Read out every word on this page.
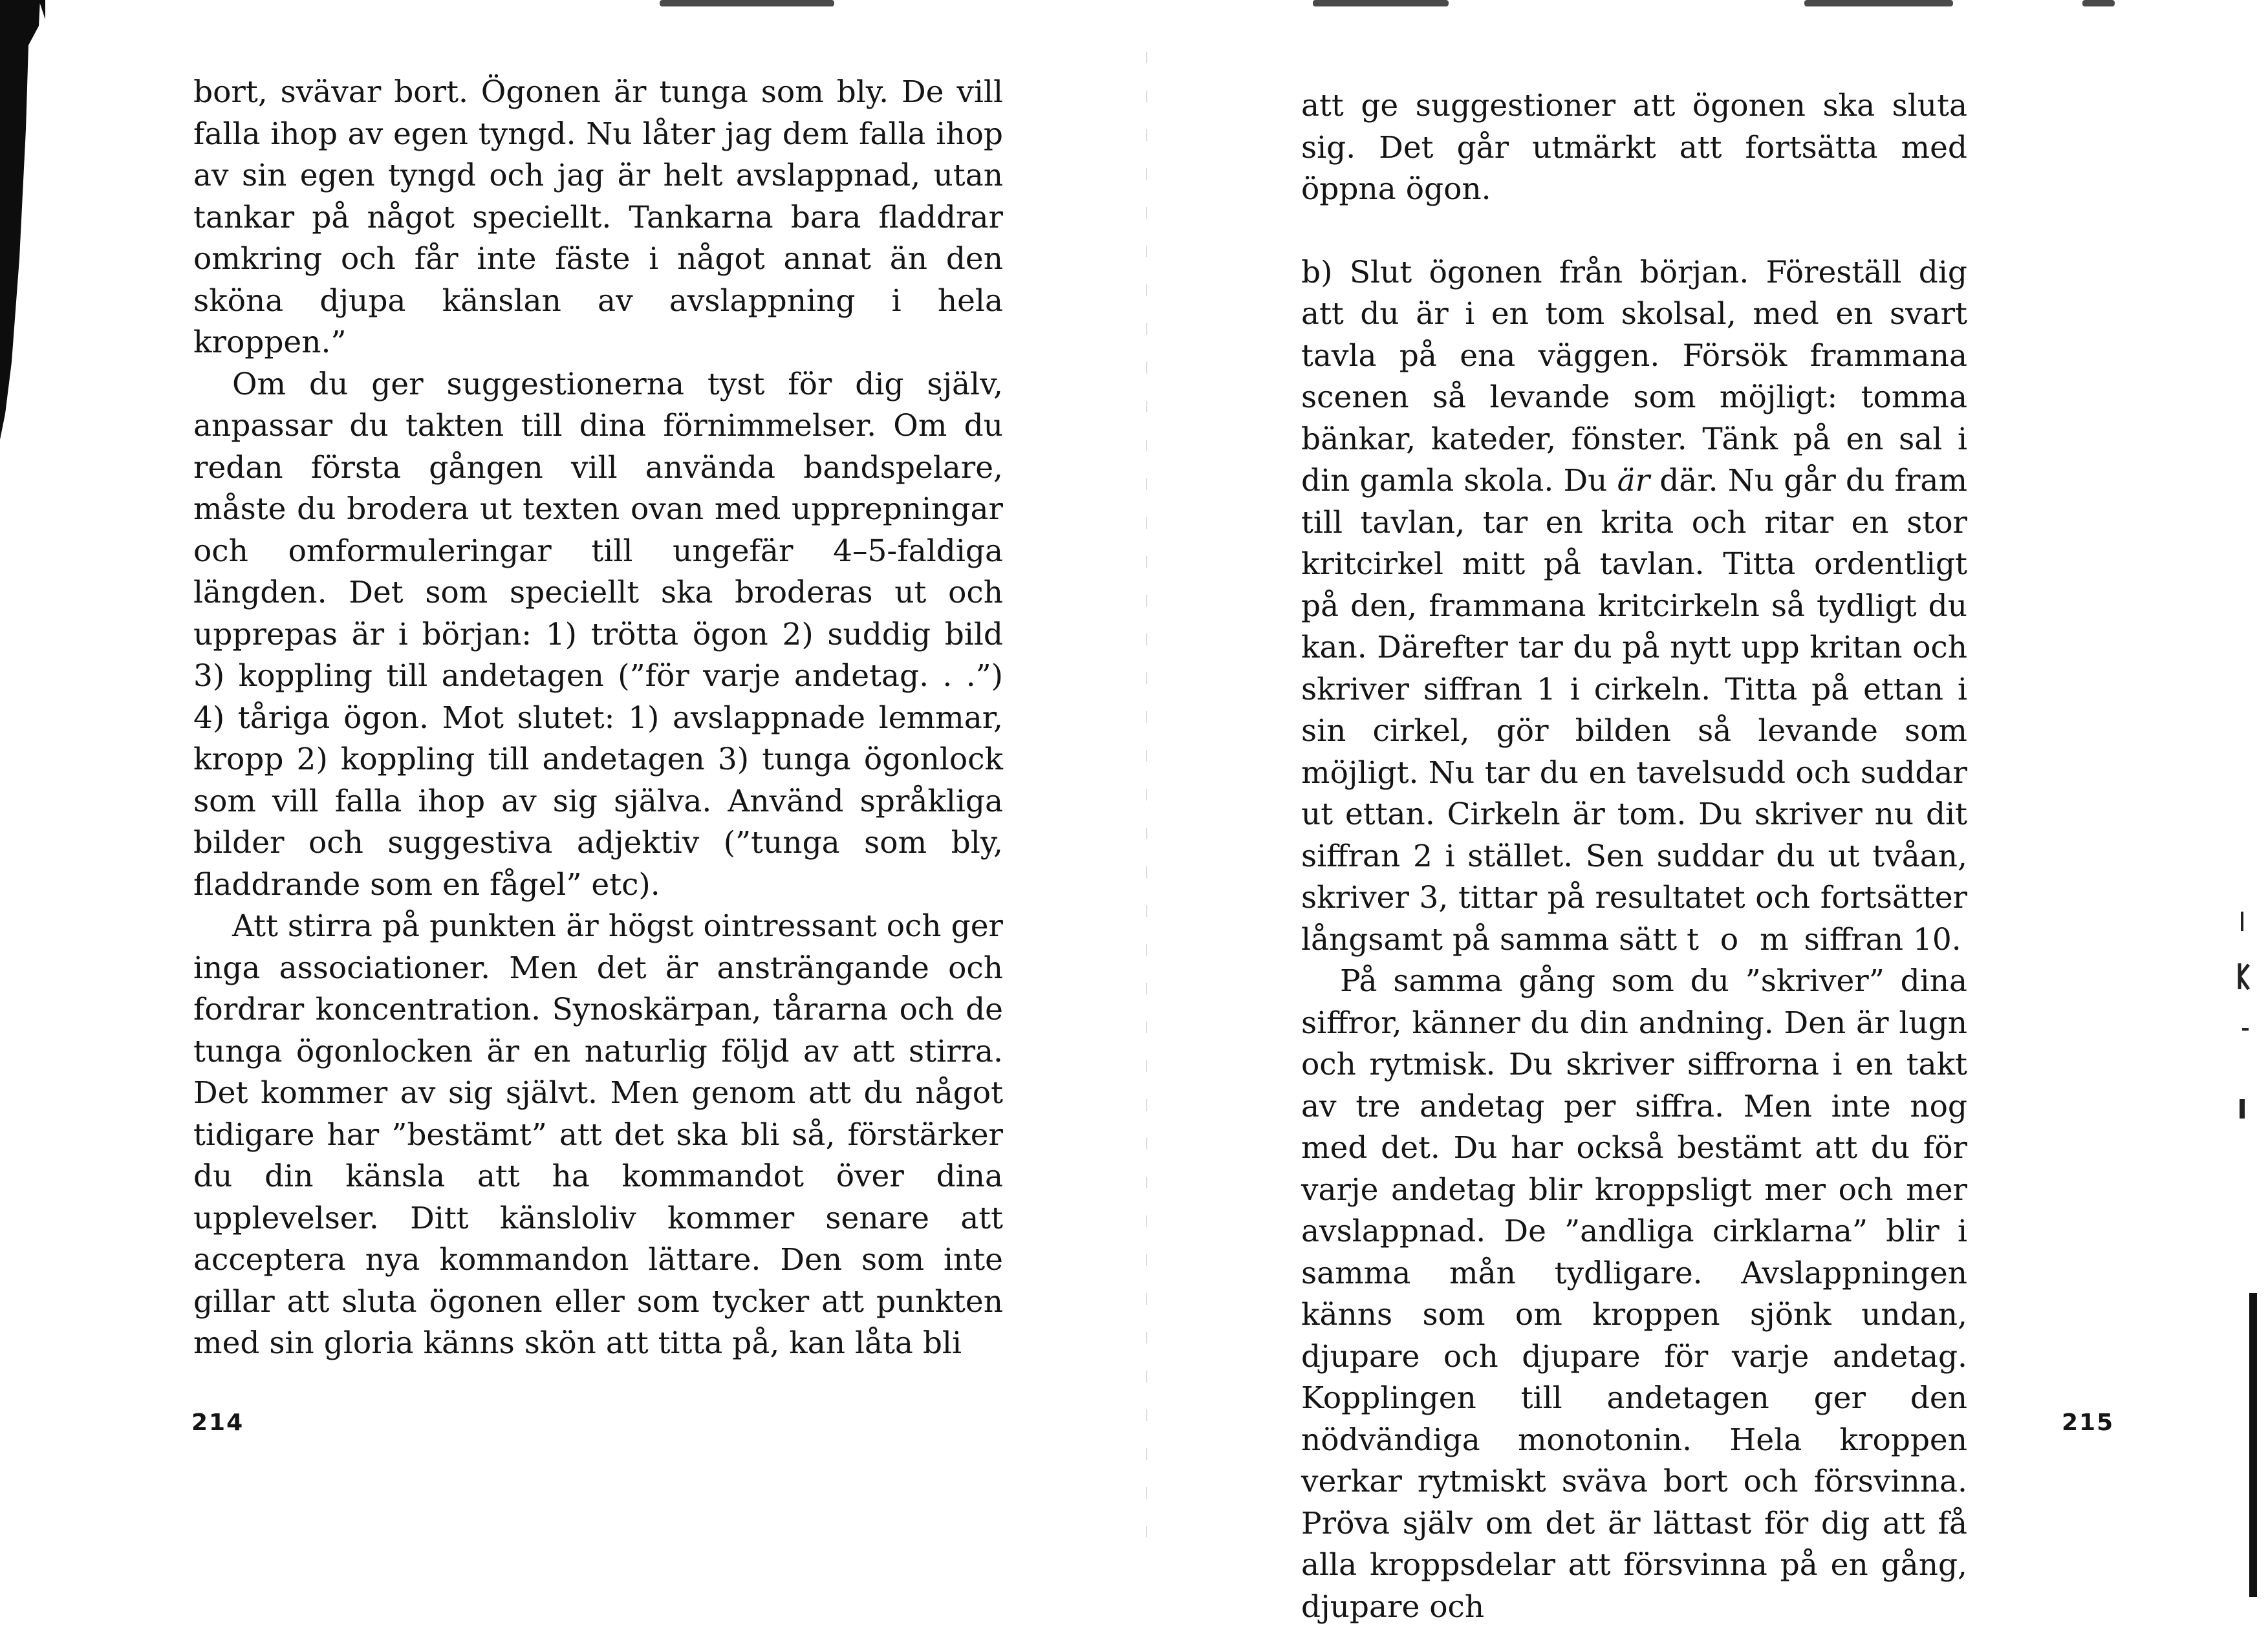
bort, svävar bort. Ögonen är tunga som bly. De vill falla ihop av egen tyngd. Nu låter jag dem falla ihop av sin egen tyngd och jag är helt avslappnad, utan tankar på något speciellt. Tankarna bara fladdrar omkring och får inte fäste i något annat än den sköna djupa känslan av avslappning i hela kroppen.”

Om du ger suggestionerna tyst för dig själv, anpassar du takten till dina förnimmelser. Om du redan första gången vill använda bandspelare, måste du brodera ut texten ovan med upprepningar och omformuleringar till ungefär 4–5-faldiga längden. Det som speciellt ska broderas ut och upprepas är i början: 1) trötta ögon 2) suddig bild 3) koppling till andetagen (”för varje andetag. . .”) 4) tåriga ögon. Mot slutet: 1) avslappnade lemmar, kropp 2) koppling till andetagen 3) tunga ögonlock som vill falla ihop av sig själva. Använd språkliga bilder och suggestiva adjektiv (”tunga som bly, fladdrande som en fågel” etc).

Att stirra på punkten är högst ointressant och ger inga associationer. Men det är ansträngande och fordrar koncentration. Synoskärpan, tårarna och de tunga ögonlocken är en naturlig följd av att stirra. Det kommer av sig självt. Men genom att du något tidigare har ”bestämt” att det ska bli så, förstärker du din känsla att ha kommandot över dina upplevelser. Ditt känsloliv kommer senare att acceptera nya kommandon lättare. Den som inte gillar att sluta ögonen eller som tycker att punkten med sin gloria känns skön att titta på, kan låta bli

214

att ge suggestioner att ögonen ska sluta sig. Det går utmärkt att fortsätta med öppna ögon.

b) Slut ögonen från början. Föreställ dig att du är i en tom skolsal, med en svart tavla på ena väggen. Försök frammana scenen så levande som möjligt: tomma bänkar, kateder, fönster. Tänk på en sal i din gamla skola. Du är där. Nu går du fram till tavlan, tar en krita och ritar en stor kritcirkel mitt på tavlan. Titta ordentligt på den, frammana kritcirkeln så tydligt du kan. Därefter tar du på nytt upp kritan och skriver siffran 1 i cirkeln. Titta på ettan i sin cirkel, gör bilden så levande som möjligt. Nu tar du en tavelsudd och suddar ut ettan. Cirkeln är tom. Du skriver nu dit siffran 2 i stället. Sen suddar du ut tvåan, skriver 3, tittar på resultatet och fortsätter långsamt på samma sätt t o m siffran 10.

På samma gång som du ”skriver” dina siffror, känner du din andning. Den är lugn och rytmisk. Du skriver siffrorna i en takt av tre andetag per siffra. Men inte nog med det. Du har också bestämt att du för varje andetag blir kroppsligt mer och mer avslappnad. De ”andliga cirklarna” blir i samma mån tydligare. Avslappningen känns som om kroppen sjönk undan, djupare och djupare för varje andetag. Kopplingen till andetagen ger den nödvändiga monotonin. Hela kroppen verkar rytmiskt sväva bort och försvinna. Pröva själv om det är lättast för dig att få alla kroppsdelar att försvinna på en gång, djupare och

215
